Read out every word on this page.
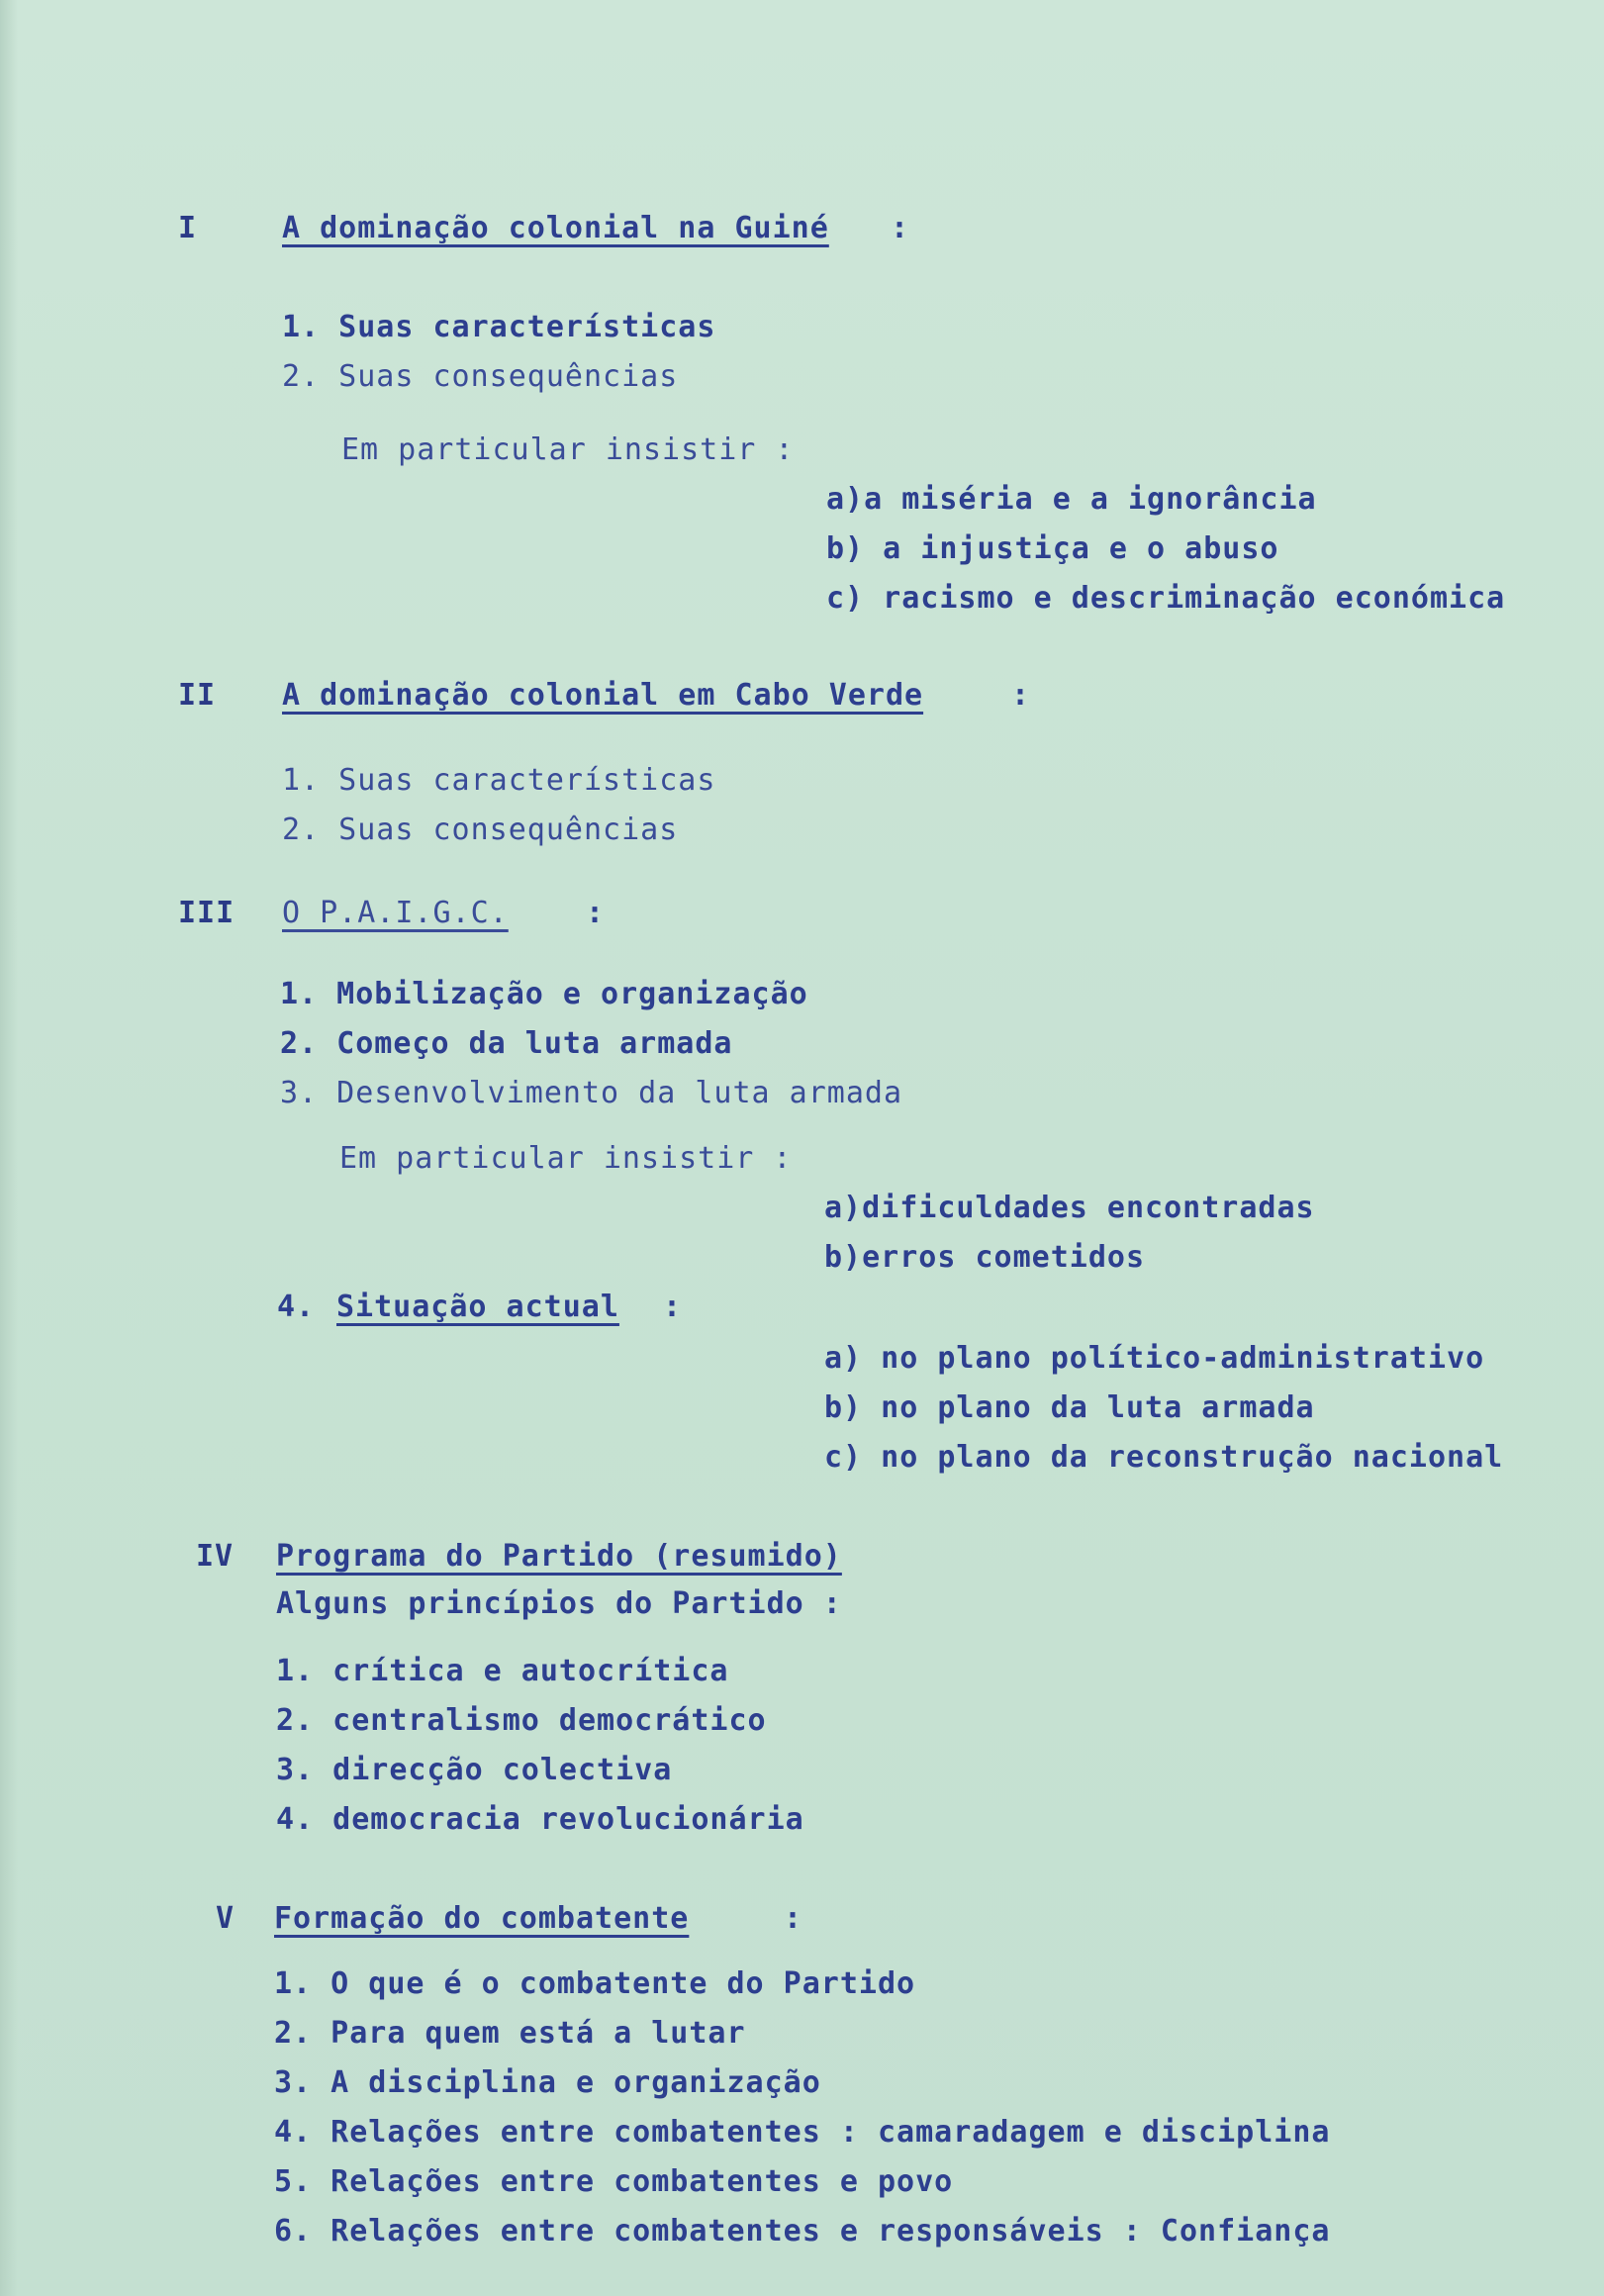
I	A dominação colonial na Guiné :
1. Suas características
2. Suas consequências
Em particular insistir :
a)a miséria e a ignorância
b) a injustiça e o abuso
c) racismo e descriminação económica
II A dominação colonial em Cabo Verde	:
1. Suas características
2. Suas consequências
III O P.A.I.G.C.	:
1. Mobilização e organização
2. Começo da luta armada
3. Desenvolvimento da luta armada
Em particular insistir :
a)dificuldades encontradas
b)erros cometidos
4. Situação actual :
a) no plano político-administrativo
b) no plano da luta armada
c) no plano da reconstrução nacional
IV Programa do Partido (resumido)
Alguns princípios do Partido :
1. crítica e autocrítica
2. centralismo democrático
3. direcção colectiva
4. democracia revolucionária
V Formação do combatente	:
1. O que é o combatente do Partido
2. Para quem está a lutar
3. A disciplina e organização
4. Relações entre combatentes : camaradagem e disciplina
5. Relações entre combatentes e povo
6. Relações entre combatentes e responsáveis : Confiança
